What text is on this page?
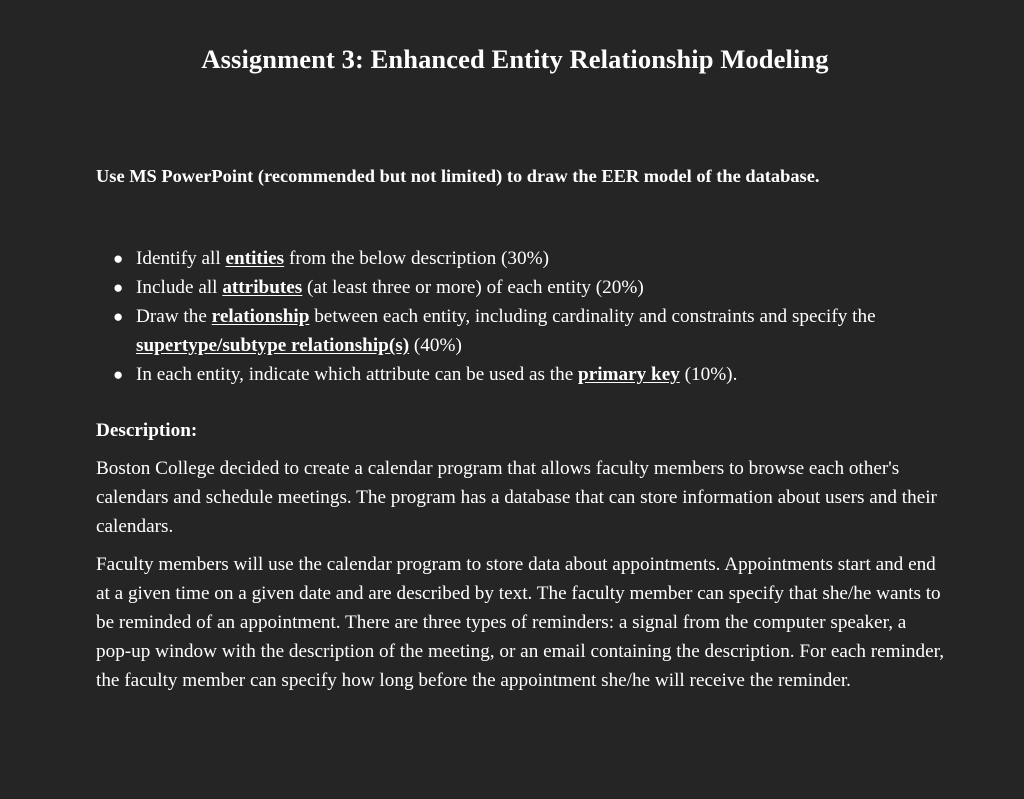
Assignment 3: Enhanced Entity Relationship Modeling

Use MS PowerPoint (recommended but not limited) to draw the EER model of the database.

● Identify all entities from the below description (30%)
● Include all attributes (at least three or more) of each entity (20%)
● Draw the relationship between each entity, including cardinality and constraints and specify the supertype/subtype relationship(s) (40%)
● In each entity, indicate which attribute can be used as the primary key (10%).
Description:

Boston College decided to create a calendar program that allows faculty members to browse each other's calendars and schedule meetings. The program has a database that can store information about users and their calendars.

Faculty members will use the calendar program to store data about appointments. Appointments start and end at a given time on a given date and are described by text. The faculty member can specify that she/he wants to be reminded of an appointment. There are three types of reminders: a signal from the computer speaker, a pop-up window with the description of the meeting, or an email containing the description. For each reminder, the faculty member can specify how long before the appointment she/he will receive the reminder.
